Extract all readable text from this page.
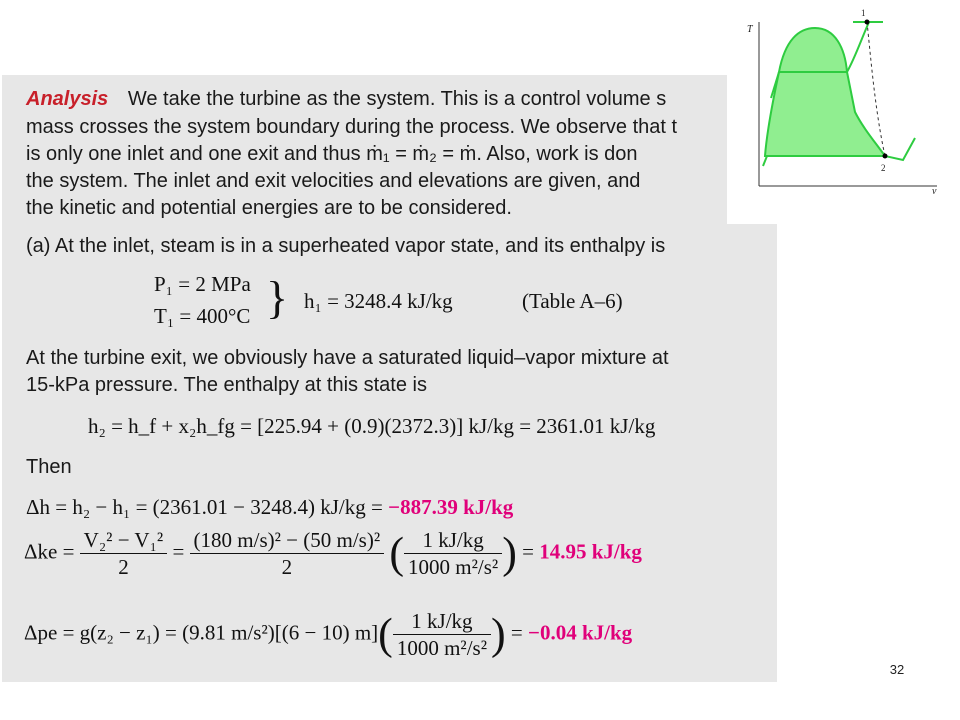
Analysis We take the turbine as the system. This is a control volume s
mass crosses the system boundary during the process. We observe that t
is only one inlet and one exit and thus ṁ₁ = ṁ₂ = ṁ. Also, work is don
the system. The inlet and exit velocities and elevations are given, and
the kinetic and potential energies are to be considered.
(a) At the inlet, steam is in a superheated vapor state, and its enthalpy is
P₁ = 2 MPa
T₁ = 400°C } h₁ = 3248.4 kJ/kg	(Table A–6)
At the turbine exit, we obviously have a saturated liquid–vapor mixture at
15-kPa pressure. The enthalpy at this state is
h₂ = h_f + x₂h_fg = [225.94 + (0.9)(2372.3)] kJ/kg = 2361.01 kJ/kg
Then
Δh = h₂ − h₁ = (2361.01 − 3248.4) kJ/kg = −887.39 kJ/kg
$\Delta ke = \frac{\text{V₂² − V₁²}}{2} = \frac{\text{(180 m/s)² − (50 m/s)²}}{2}$ ( $\frac{1 kJ/kg}{\text{1000 m²/s²}}$ ) = 14.95 kJ/kg
Δpe = g(z₂ − z₁) = (9.81 m/s²)[(6 − 10) $m]( \frac{1 kJ/kg}{\text{1000 m²/s²}}$ ) = −0.04 kJ/kg
T
v
1
2
32
